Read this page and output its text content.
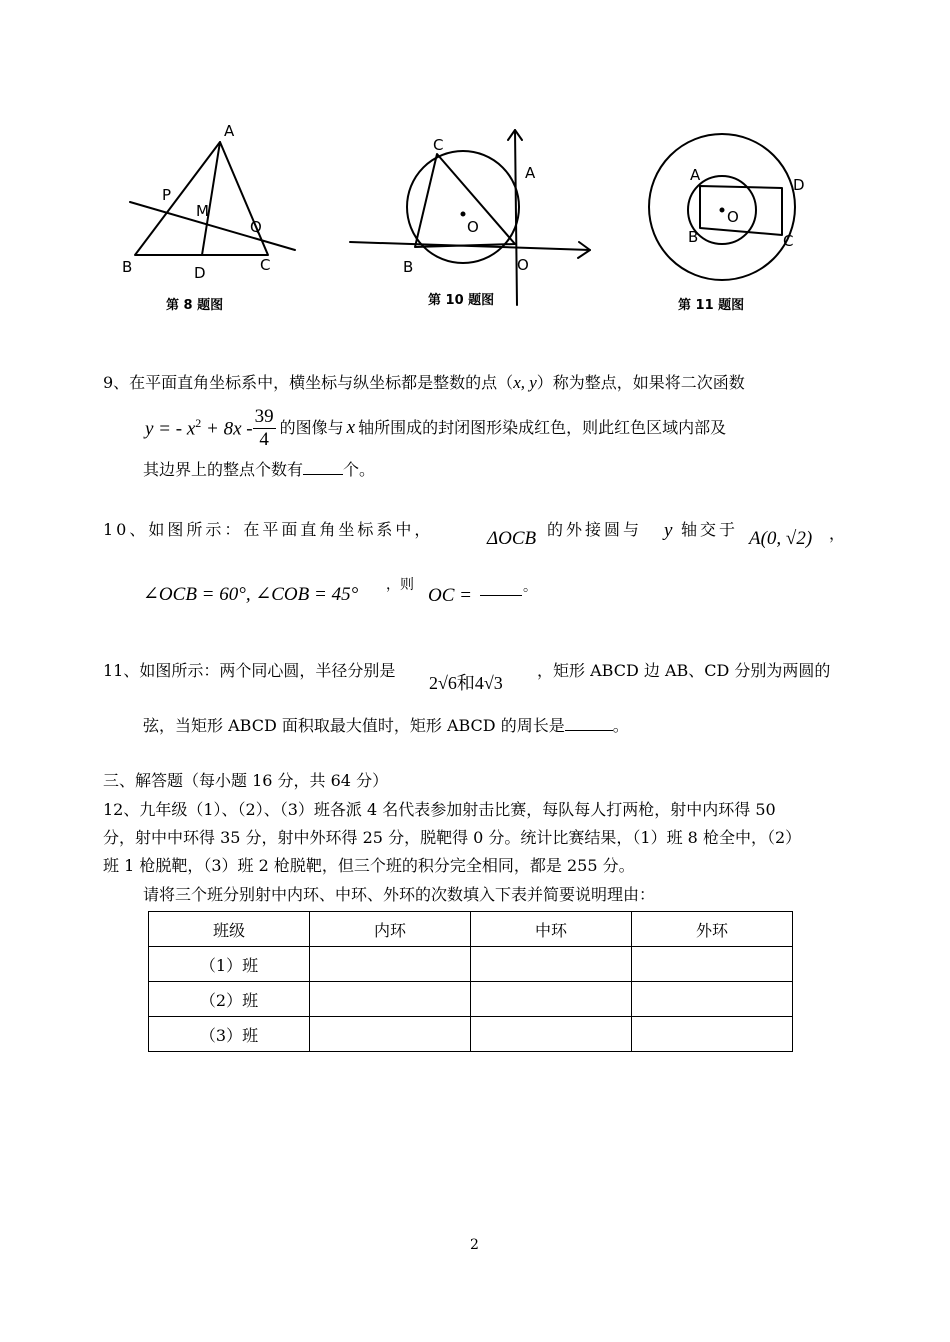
A
B	C
D
M
P
Q
第 8 题图
C
A
B	O
O
第 10 题图
A
B	C
D
O
第 11 题图
9、在平面直角坐标系中，横坐标与纵坐标都是整数的点（x, y）称为整点，如果将二次函数
y = - $x^2 + 8x - \frac{39}{4}$ 的图像与 x 轴所围成的封闭图形染成红色，则此红色区域内部及
其边界上的整点个数有	个。
10、如图所示：在平面直角坐标系中，	ΔOCB 的外接圆与 y 轴交于 A(0, √2) ，
∠OCB = 60°, ∠COB = 45° ，则 OC =	。
11、如图所示：两个同心圆，半径分别是
2√6和4√3
，矩形 ABCD 边 AB、CD 分别为两圆的
弦，当矩形 ABCD 面积取最大值时，矩形 ABCD 的周长是	。
三、解答题（每小题 16 分，共 64 分）
12、九年级（1）、（2）、（3）班各派 4 名代表参加射击比赛，每队每人打两枪，射中内环得 50
分，射中中环得 35 分，射中外环得 25 分，脱靶得 0 分。统计比赛结果，（1）班 8 枪全中，（2）
班 1 枪脱靶，（3）班 2 枪脱靶，但三个班的积分完全相同，都是 255 分。
请将三个班分别射中内环、中环、外环的次数填入下表并简要说明理由：
班级	内环	中环	外环
（1）班			
（2）班			
（3）班			
2
